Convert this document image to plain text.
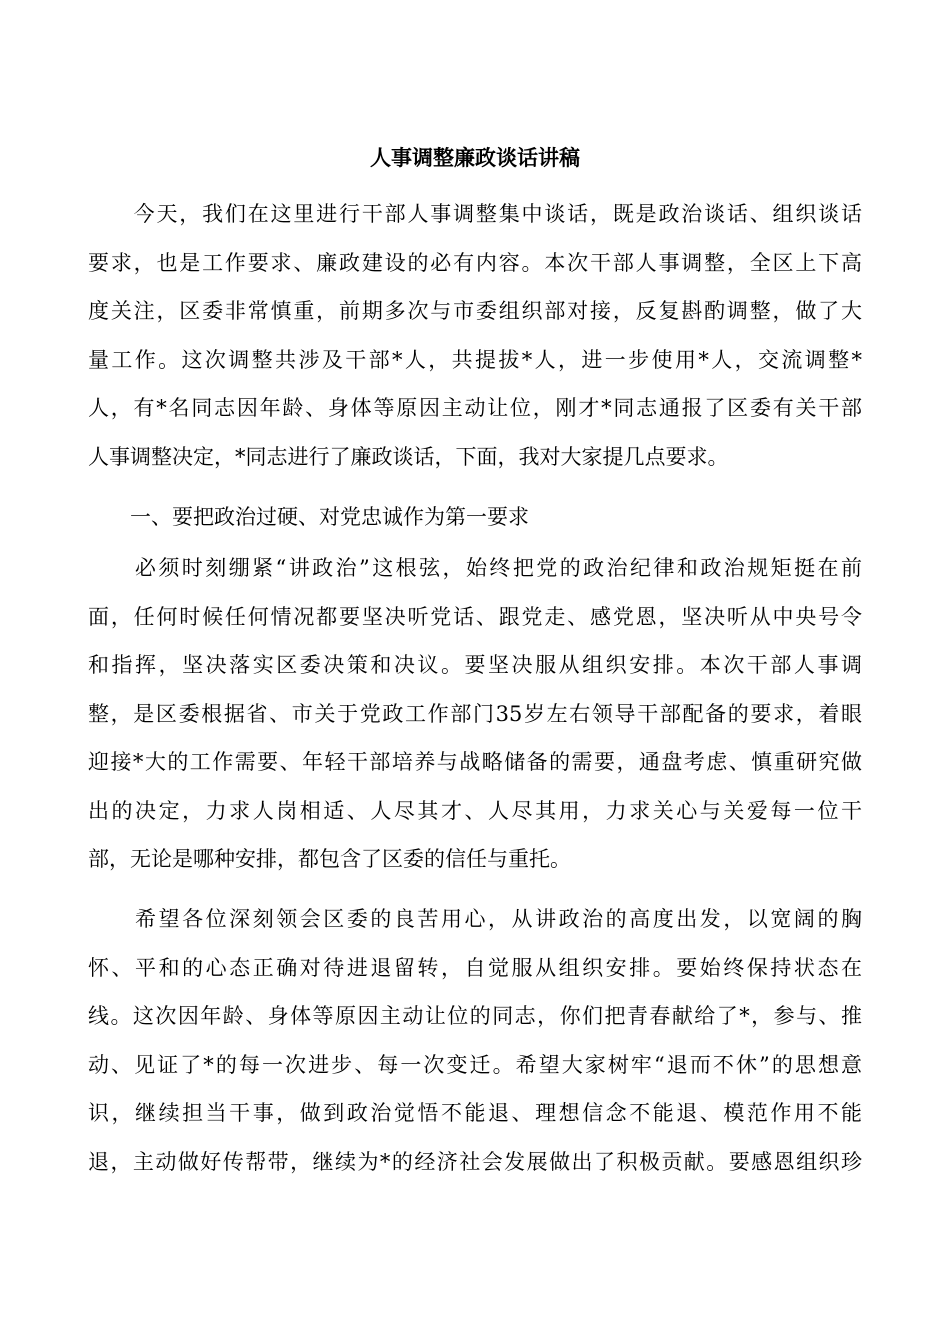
人事调整廉政谈话讲稿
　　今天，我们在这里进行干部人事调整集中谈话，既是政治谈话、组织谈话
要求，也是工作要求、廉政建设的必有内容。本次干部人事调整，全区上下高
度关注，区委非常慎重，前期多次与市委组织部对接，反复斟酌调整，做了大
量工作。这次调整共涉及干部*人，共提拔*人，进一步使用*人，交流调整*
人，有*名同志因年龄、身体等原因主动让位，刚才*同志通报了区委有关干部
人事调整决定，*同志进行了廉政谈话，下面，我对大家提几点要求。
　　一、要把政治过硬、对党忠诚作为第一要求
　　必须时刻绷紧“讲政治”这根弦，始终把党的政治纪律和政治规矩挺在前
面，任何时候任何情况都要坚决听党话、跟党走、感党恩，坚决听从中央号令
和指挥，坚决落实区委决策和决议。要坚决服从组织安排。本次干部人事调
整，是区委根据省、市关于党政工作部门35岁左右领导干部配备的要求，着眼
迎接*大的工作需要、年轻干部培养与战略储备的需要，通盘考虑、慎重研究做
出的决定，力求人岗相适、人尽其才、人尽其用，力求关心与关爱每一位干
部，无论是哪种安排，都包含了区委的信任与重托。
　　希望各位深刻领会区委的良苦用心，从讲政治的高度出发，以宽阔的胸
怀、平和的心态正确对待进退留转，自觉服从组织安排。要始终保持状态在
线。这次因年龄、身体等原因主动让位的同志，你们把青春献给了*，参与、推
动、见证了*的每一次进步、每一次变迁。希望大家树牢“退而不休”的思想意
识，继续担当干事，做到政治觉悟不能退、理想信念不能退、模范作用不能
退，主动做好传帮带，继续为*的经济社会发展做出了积极贡献。要感恩组织珍
